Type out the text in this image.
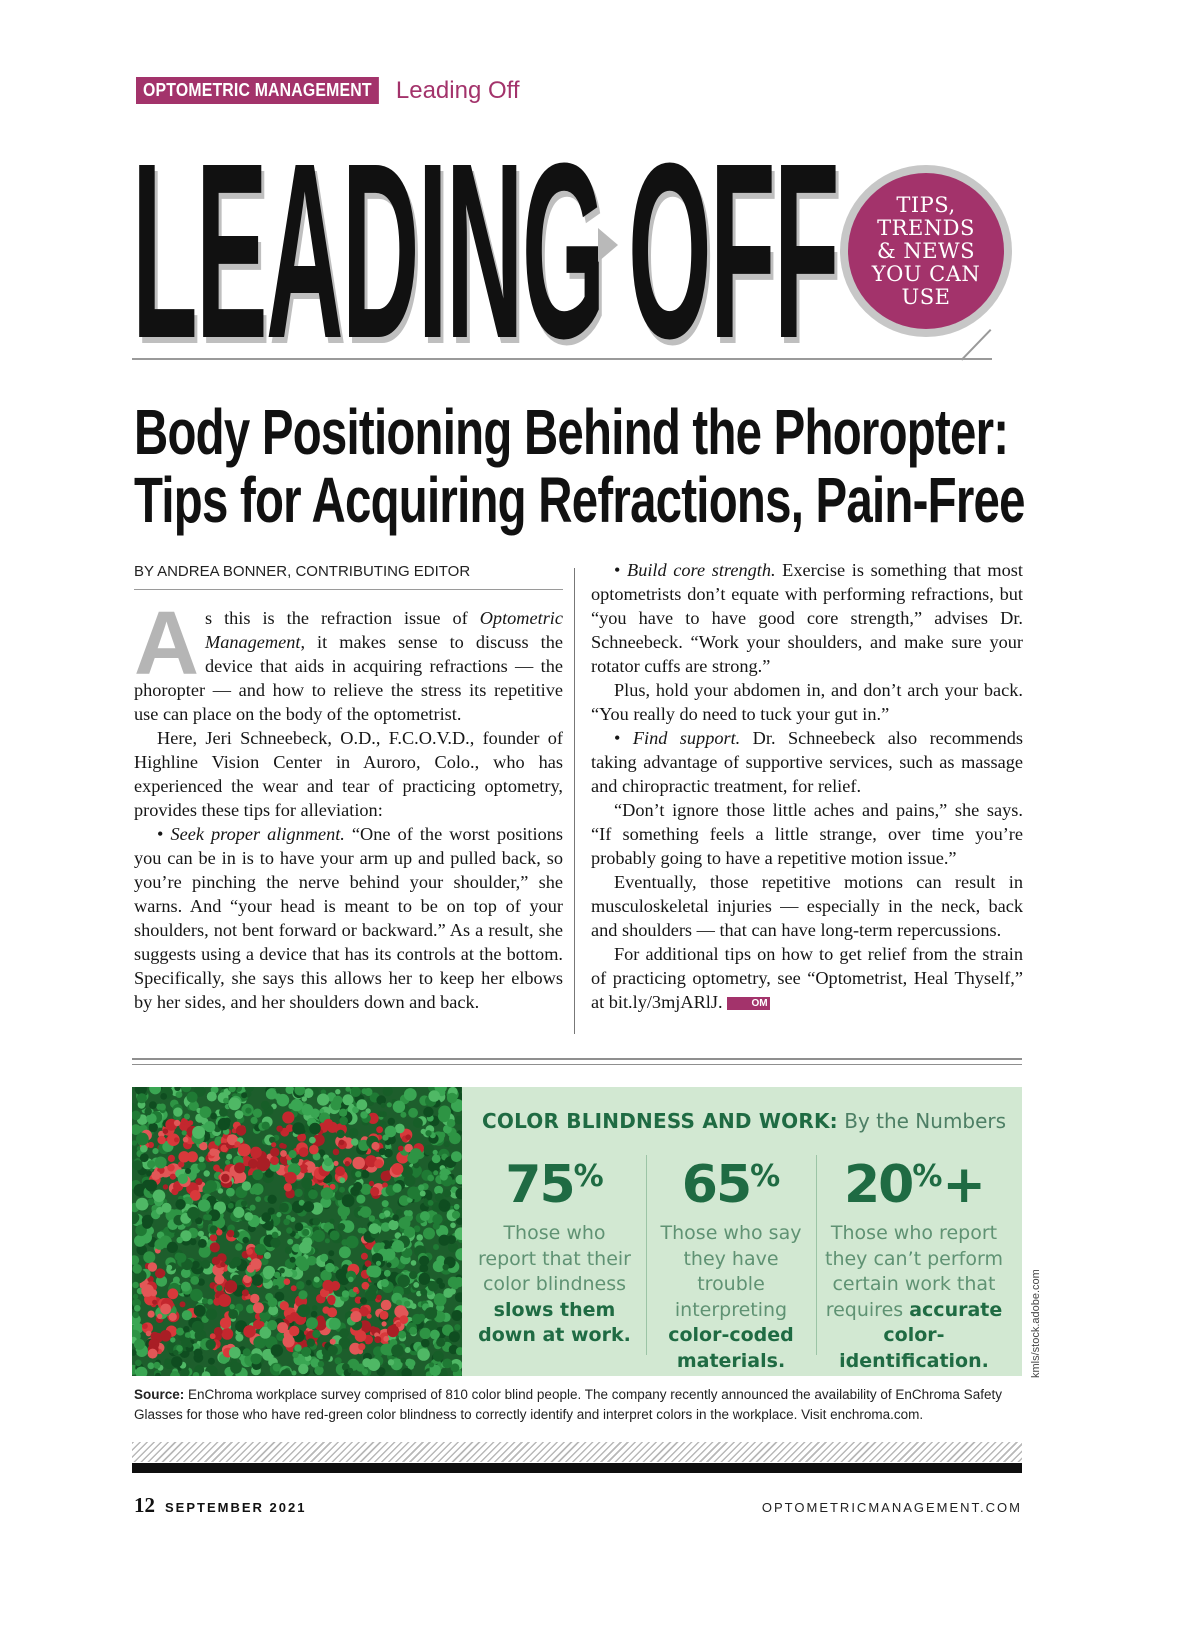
OPTOMETRIC MANAGEMENT Leading Off
LEADING OFF	TIPS,
TRENDS
& NEWS
YOU CAN
USE
Body Positioning Behind the Phoropter:
Tips for Acquiring Refractions, Pain-Free
BY ANDREA BONNER, CONTRIBUTING EDITOR

As this is the refraction issue of Optometric Management, it makes sense to discuss the device that aids in acquiring refractions — the phoropter — and how to relieve the stress its repetitive use can place on the body of the optometrist.

Here, Jeri Schneebeck, O.D., F.C.O.V.D., founder of Highline Vision Center in Auroro, Colo., who has experienced the wear and tear of practicing optometry, provides these tips for alleviation:

• Seek proper alignment. “One of the worst positions you can be in is to have your arm up and pulled back, so you’re pinching the nerve behind your shoulder,” she warns. And “your head is meant to be on top of your shoulders, not bent forward or backward.” As a result, she suggests using a device that has its controls at the bottom. Specifically, she says this allows her to keep her elbows by her sides, and her shoulders down and back.

• Build core strength. Exercise is something that most optometrists don’t equate with performing refractions, but “you have to have good core strength,” advises Dr. Schneebeck. “Work your shoulders, and make sure your rotator cuffs are strong.”

Plus, hold your abdomen in, and don’t arch your back. “You really do need to tuck your gut in.”

• Find support. Dr. Schneebeck also recommends taking advantage of supportive services, such as massage and chiropractic treatment, for relief.

“Don’t ignore those little aches and pains,” she says. “If something feels a little strange, over time you’re probably going to have a repetitive motion issue.”

Eventually, those repetitive motions can result in musculoskeletal injuries — especially in the neck, back and shoulders — that can have long-term repercussions.

For additional tips on how to get relief from the strain of practicing optometry, see “Optometrist, Heal Thyself,” at bit.ly/3mjARlJ.	OM

COLOR BLINDNESS AND WORK: By the Numbers
75%
Those who report that their color blindness slows them down at work.
65%
Those who say they have trouble interpreting color-coded materials.
20%+
Those who report they can’t perform certain work that requires accurate color-identification.	kmls/stock.adobe.com
Source: EnChroma workplace survey comprised of 810 color blind people. The company recently announced the availability of EnChroma Safety Glasses for those who have red-green color blindness to correctly identify and interpret colors in the workplace. Visit enchroma.com.
12 SEPTEMBER 2021	OPTOMETRICMANAGEMENT.COM
